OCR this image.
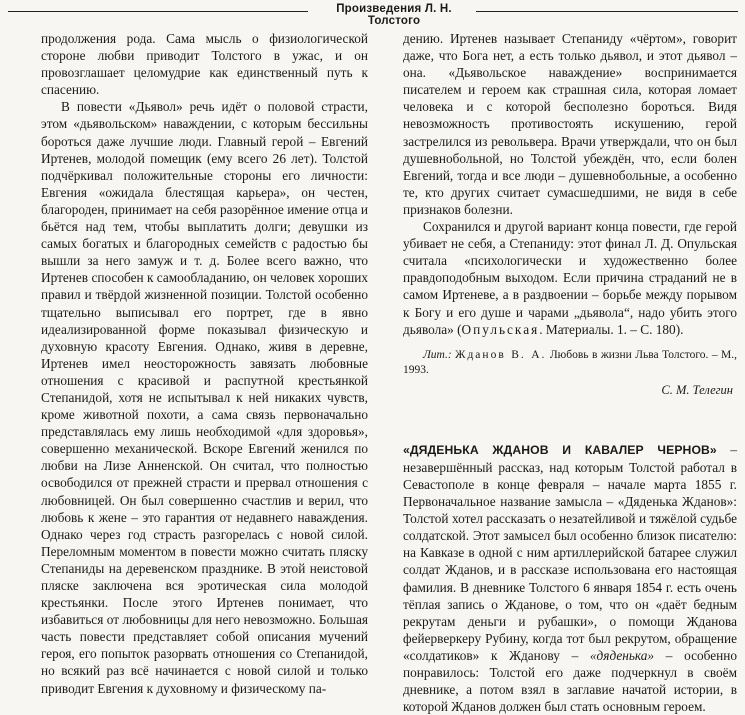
Произведения Л. Н. Толстого

продолжения рода. Сама мысль о физиологической стороне любви приводит Толстого в ужас, и он провозглашает целомудрие как единственный путь к спасению.

В повести «Дьявол» речь идёт о половой страсти, этом «дьявольском» наваждении, с которым бессильны бороться даже лучшие люди. Главный герой – Евгений Иртенев, молодой помещик (ему всего 26 лет). Толстой подчёркивал положительные стороны его личности: Евгения «ожидала блестящая карьера», он честен, благороден, принимает на себя разорённое имение отца и бьётся над тем, чтобы выплатить долги; девушки из самых богатых и благородных семейств с радостью бы вышли за него замуж и т. д. Более всего важно, что Иртенев способен к самообладанию, он человек хороших правил и твёрдой жизненной позиции. Толстой особенно тщательно выписывал его портрет, где в явно идеализированной форме показывал физическую и духовную красоту Евгения. Однако, живя в деревне, Иртенев имел неосторожность завязать любовные отношения с красивой и распутной крестьянкой Степанидой, хотя не испытывал к ней никаких чувств, кроме животной похоти, а сама связь первоначально представлялась ему лишь необходимой «для здоровья», совершенно механической. Вскоре Евгений женился по любви на Лизе Анненской. Он считал, что полностью освободился от прежней страсти и прервал отношения с любовницей. Он был совершенно счастлив и верил, что любовь к жене – это гарантия от недавнего наваждения. Однако через год страсть разгорелась с новой силой. Переломным моментом в повести можно считать пляску Степаниды на деревенском празднике. В этой неистовой пляске заключена вся эротическая сила молодой крестьянки. После этого Иртенев понимает, что избавиться от любовницы для него невозможно. Большая часть повести представляет собой описания мучений героя, его попыток разорвать отношения со Степанидой, но всякий раз всё начинается с новой силой и только приводит Евгения к духовному и физическому па-

дению. Иртенев называет Степаниду «чёртом», говорит даже, что Бога нет, а есть только дьявол, и этот дьявол – она. «Дьявольское наваждение» воспринимается писателем и героем как страшная сила, которая ломает человека и с которой бесполезно бороться. Видя невозможность противостоять искушению, герой застрелился из револьвера. Врачи утверждали, что он был душевнобольной, но Толстой убеждён, что, если болен Евгений, тогда и все люди – душевнобольные, а особенно те, кто других считает сумасшедшими, не видя в себе признаков болезни.

Сохранился и другой вариант конца повести, где герой убивает не себя, а Степаниду: этот финал Л. Д. Опульская считала «психологически и художественно более правдоподобным выходом. Если причина страданий не в самом Иртеневе, а в раздвоении – борьбе между порывом к Богу и его душе и чарами „дьявола“, надо убить этого дьявола» (Опульская. Материалы. 1. – С. 180).

Лит.: Жданов В. А. Любовь в жизни Льва Толстого. – М., 1993.

С. М. Телегин

«ДЯДЕНЬКА ЖДАНОВ И КАВАЛЕР ЧЕРНОВ» – незавершённый рассказ, над которым Толстой работал в Севастополе в конце февраля – начале марта 1855 г. Первоначальное название замысла – «Дяденька Жданов»: Толстой хотел рассказать о незатейливой и тяжёлой судьбе солдатской. Этот замысел был особенно близок писателю: на Кавказе в одной с ним артиллерийской батарее служил солдат Жданов, и в рассказе использована его настоящая фамилия. В дневнике Толстого 6 января 1854 г. есть очень тёплая запись о Жданове, о том, что он «даёт бедным рекрутам деньги и рубашки», о помощи Жданова фейерверкеру Рубину, когда тот был рекрутом, обращение «солдатиков» к Жданову – «дяденька» – особенно понравилось: Толстой его даже подчеркнул в своём дневнике, а потом взял в заглавие начатой истории, в которой Жданов должен был стать основным героем.
